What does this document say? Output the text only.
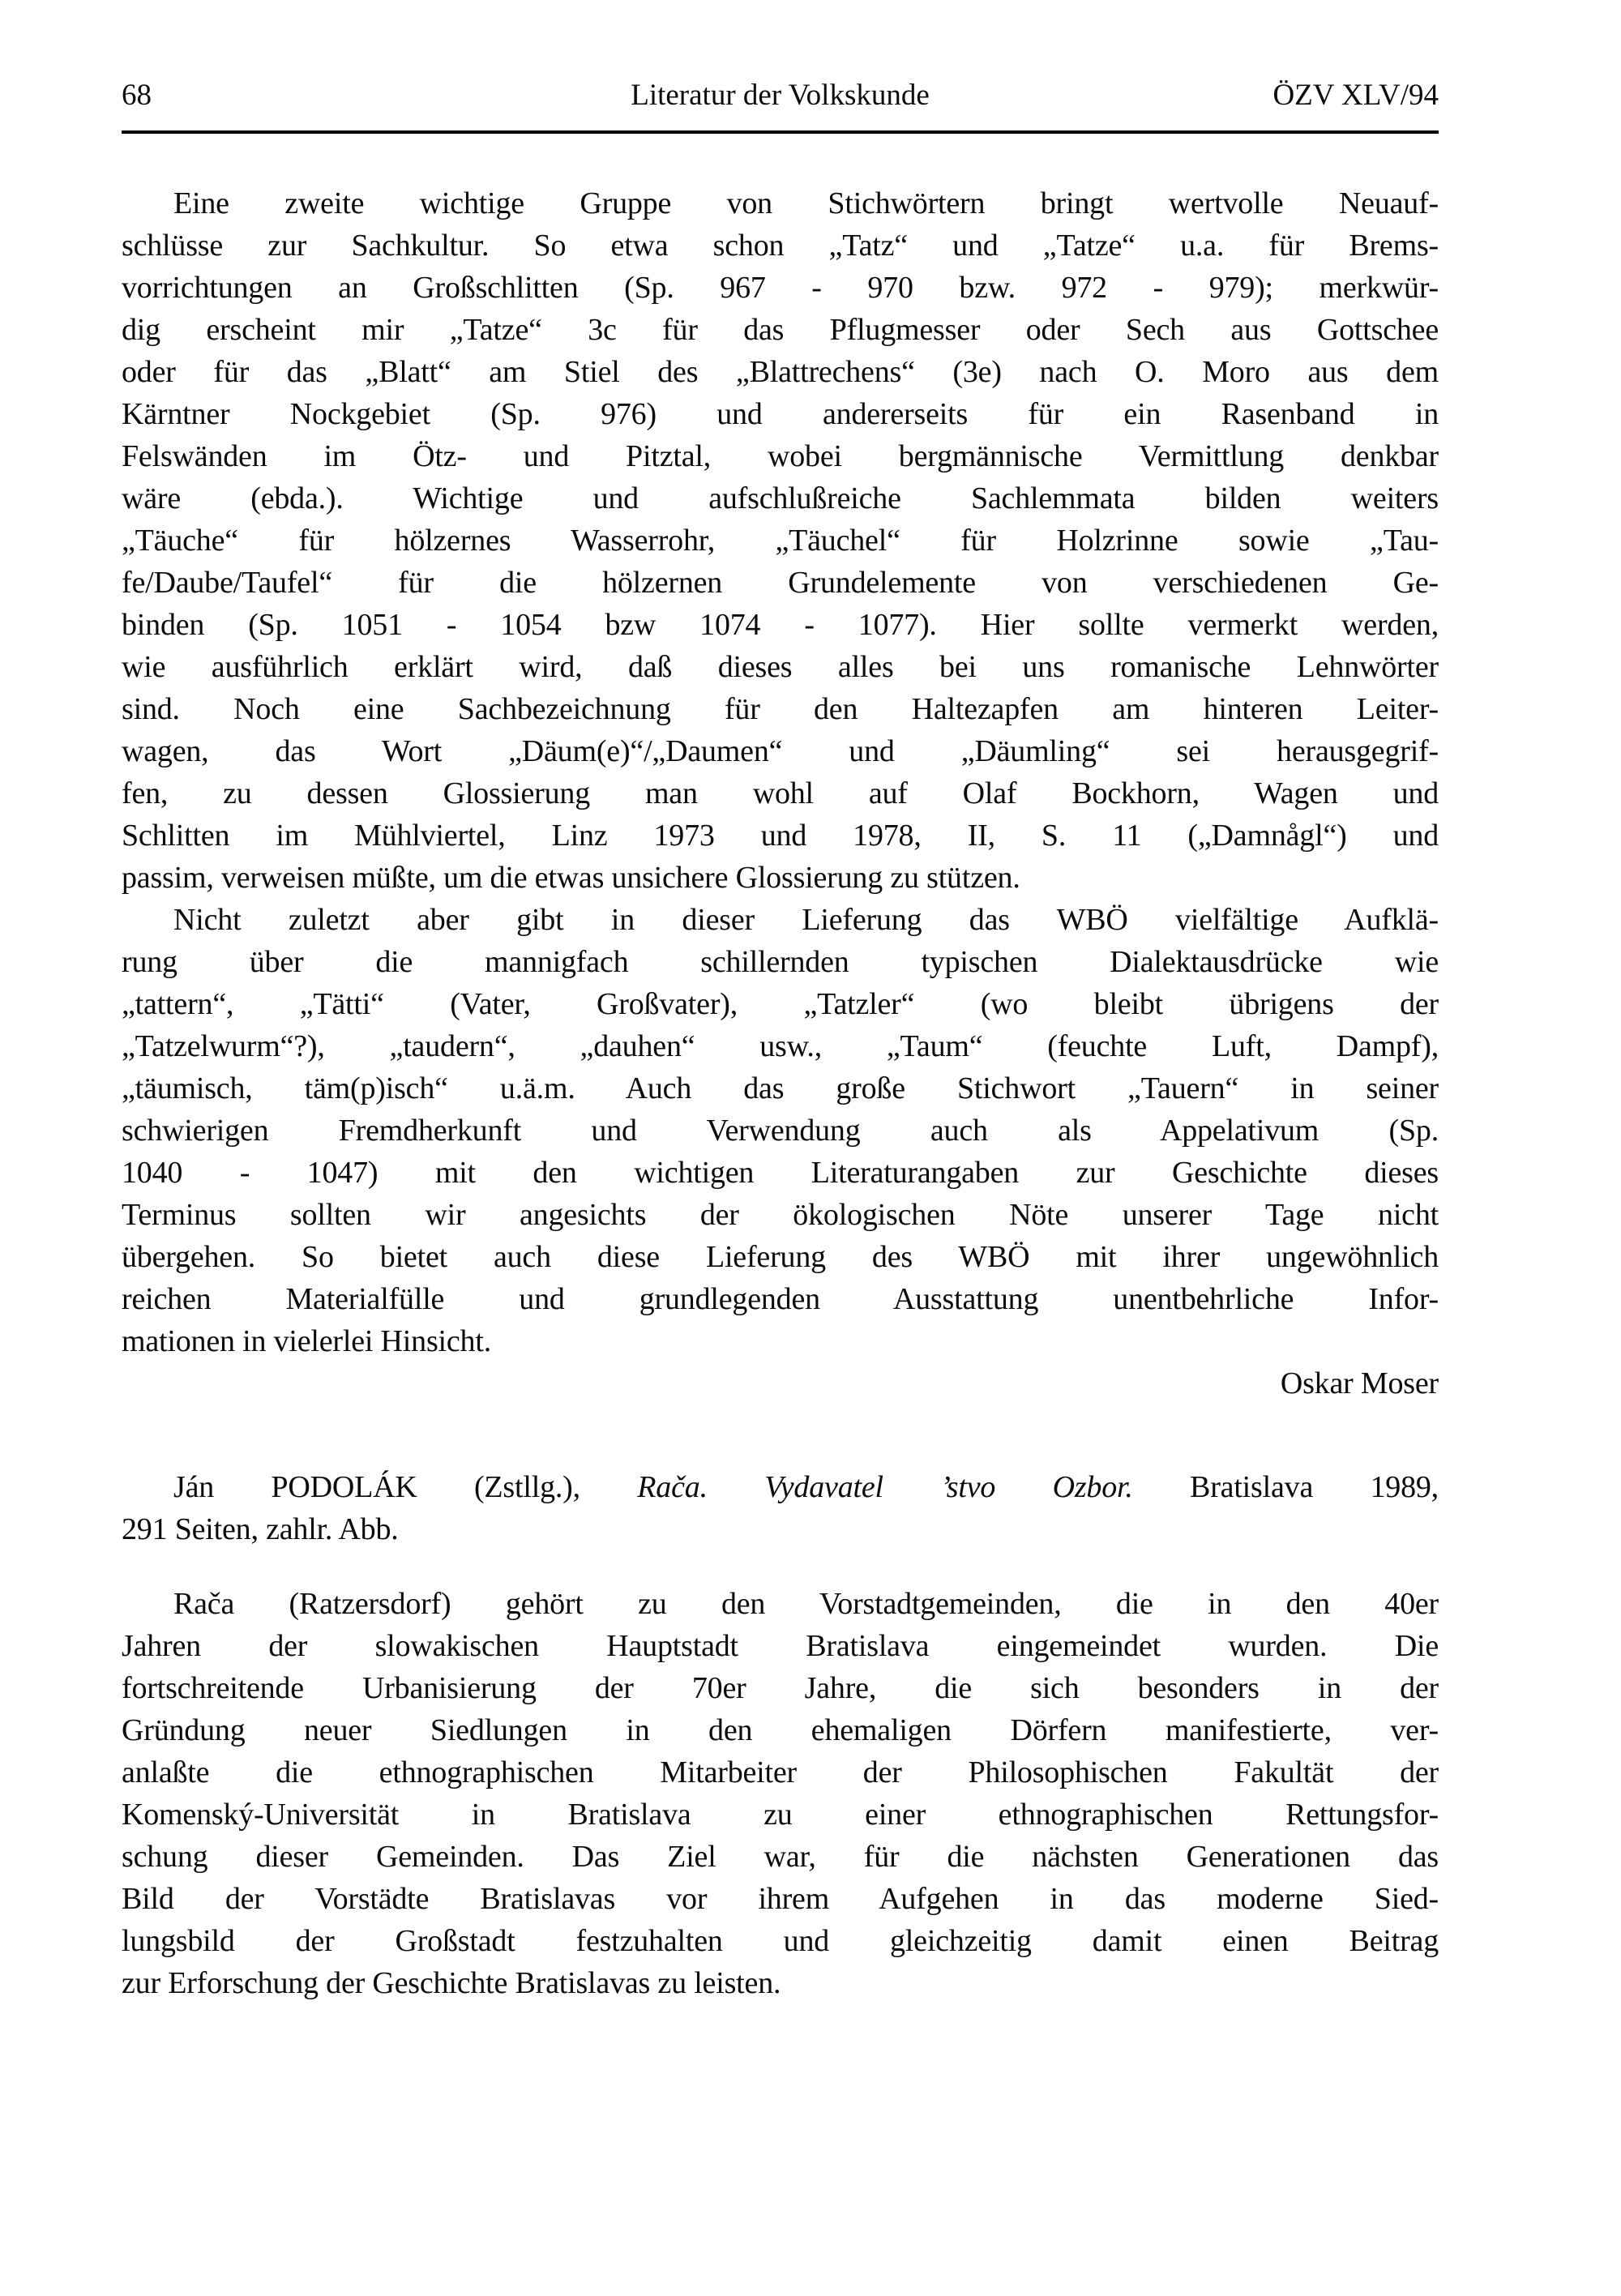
68	Literatur der Volkskunde	ÖZV XLV/94
Eine zweite wichtige Gruppe von Stichwörtern bringt wertvolle Neuauf-
schlüsse zur Sachkultur. So etwa schon „Tatz“ und „Tatze“ u.a. für Brems-
vorrichtungen an Großschlitten (Sp. 967 - 970 bzw. 972 - 979); merkwür-
dig erscheint mir „Tatze“ 3c für das Pflugmesser oder Sech aus Gottschee
oder für das „Blatt“ am Stiel des „Blattrechens“ (3e) nach O. Moro aus dem
Kärntner Nockgebiet (Sp. 976) und andererseits für ein Rasenband in
Felswänden im Ötz- und Pitztal, wobei bergmännische Vermittlung denkbar
wäre (ebda.). Wichtige und aufschlußreiche Sachlemmata bilden weiters
„Täuche“ für hölzernes Wasserrohr, „Täuchel“ für Holzrinne sowie „Tau-
fe/Daube/Taufel“ für die hölzernen Grundelemente von verschiedenen Ge-
binden (Sp. 1051 - 1054 bzw 1074 - 1077). Hier sollte vermerkt werden,
wie ausführlich erklärt wird, daß dieses alles bei uns romanische Lehnwörter
sind. Noch eine Sachbezeichnung für den Haltezapfen am hinteren Leiter-
wagen, das Wort „Däum(e)“/„Daumen“ und „Däumling“ sei herausgegrif-
fen, zu dessen Glossierung man wohl auf Olaf Bockhorn, Wagen und
Schlitten im Mühlviertel, Linz 1973 und 1978, II, S. 11 („Damnågl“) und
passim, verweisen müßte, um die etwas unsichere Glossierung zu stützen.
Nicht zuletzt aber gibt in dieser Lieferung das WBÖ vielfältige Aufklä-
rung über die mannigfach schillernden typischen Dialektausdrücke wie
„tattern“, „Tätti“ (Vater, Großvater), „Tatzler“ (wo bleibt übrigens der
„Tatzelwurm“?), „taudern“, „dauhen“ usw., „Taum“ (feuchte Luft, Dampf),
„täumisch, täm(p)isch“ u.ä.m. Auch das große Stichwort „Tauern“ in seiner
schwierigen Fremdherkunft und Verwendung auch als Appelativum (Sp.
1040 - 1047) mit den wichtigen Literaturangaben zur Geschichte dieses
Terminus sollten wir angesichts der ökologischen Nöte unserer Tage nicht
übergehen. So bietet auch diese Lieferung des WBÖ mit ihrer ungewöhnlich
reichen Materialfülle und grundlegenden Ausstattung unentbehrliche Infor-
mationen in vielerlei Hinsicht.
Oskar Moser
Ján PODOLÁK (Zstllg.), Rača. Vydavatel ’stvo Ozbor. Bratislava 1989,
291 Seiten, zahlr. Abb.
Rača (Ratzersdorf) gehört zu den Vorstadtgemeinden, die in den 40er
Jahren der slowakischen Hauptstadt Bratislava eingemeindet wurden. Die
fortschreitende Urbanisierung der 70er Jahre, die sich besonders in der
Gründung neuer Siedlungen in den ehemaligen Dörfern manifestierte, ver-
anlaßte die ethnographischen Mitarbeiter der Philosophischen Fakultät der
Komenský-Universität in Bratislava zu einer ethnographischen Rettungsfor-
schung dieser Gemeinden. Das Ziel war, für die nächsten Generationen das
Bild der Vorstädte Bratislavas vor ihrem Aufgehen in das moderne Sied-
lungsbild der Großstadt festzuhalten und gleichzeitig damit einen Beitrag
zur Erforschung der Geschichte Bratislavas zu leisten.
